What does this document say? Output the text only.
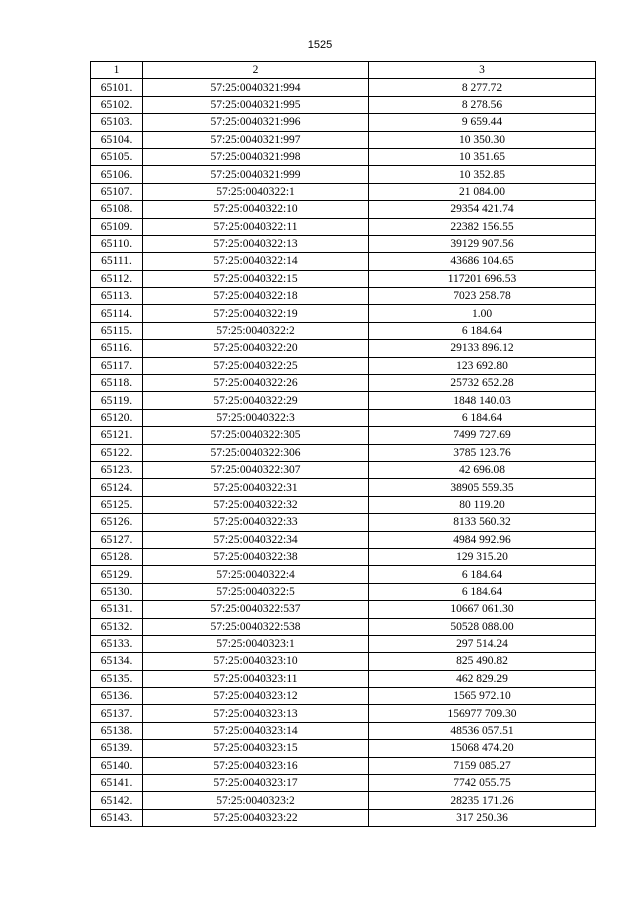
1525
1	2	3
65101.	57:25:0040321:994	8 277.72
65102.	57:25:0040321:995	8 278.56
65103.	57:25:0040321:996	9 659.44
65104.	57:25:0040321:997	10 350.30
65105.	57:25:0040321:998	10 351.65
65106.	57:25:0040321:999	10 352.85
65107.	57:25:0040322:1	21 084.00
65108.	57:25:0040322:10	29354 421.74
65109.	57:25:0040322:11	22382 156.55
65110.	57:25:0040322:13	39129 907.56
65111.	57:25:0040322:14	43686 104.65
65112.	57:25:0040322:15	117201 696.53
65113.	57:25:0040322:18	7023 258.78
65114.	57:25:0040322:19	1.00
65115.	57:25:0040322:2	6 184.64
65116.	57:25:0040322:20	29133 896.12
65117.	57:25:0040322:25	123 692.80
65118.	57:25:0040322:26	25732 652.28
65119.	57:25:0040322:29	1848 140.03
65120.	57:25:0040322:3	6 184.64
65121.	57:25:0040322:305	7499 727.69
65122.	57:25:0040322:306	3785 123.76
65123.	57:25:0040322:307	42 696.08
65124.	57:25:0040322:31	38905 559.35
65125.	57:25:0040322:32	80 119.20
65126.	57:25:0040322:33	8133 560.32
65127.	57:25:0040322:34	4984 992.96
65128.	57:25:0040322:38	129 315.20
65129.	57:25:0040322:4	6 184.64
65130.	57:25:0040322:5	6 184.64
65131.	57:25:0040322:537	10667 061.30
65132.	57:25:0040322:538	50528 088.00
65133.	57:25:0040323:1	297 514.24
65134.	57:25:0040323:10	825 490.82
65135.	57:25:0040323:11	462 829.29
65136.	57:25:0040323:12	1565 972.10
65137.	57:25:0040323:13	156977 709.30
65138.	57:25:0040323:14	48536 057.51
65139.	57:25:0040323:15	15068 474.20
65140.	57:25:0040323:16	7159 085.27
65141.	57:25:0040323:17	7742 055.75
65142.	57:25:0040323:2	28235 171.26
65143.	57:25:0040323:22	317 250.36
